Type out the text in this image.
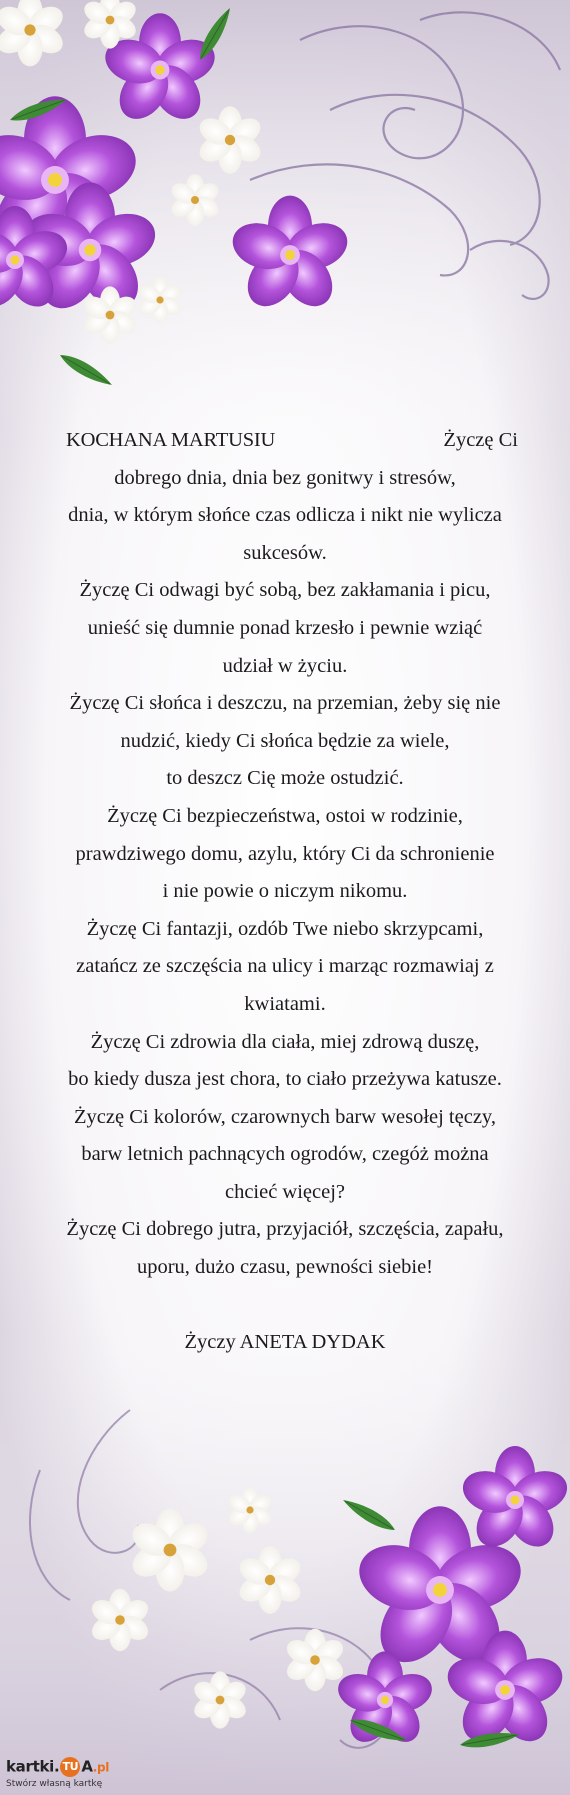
KOCHANA MARTUSIU	Życzę Ci
dobrego dnia, dnia bez gonitwy i stresów,
dnia, w którym słońce czas odlicza i nikt nie wylicza
sukcesów.
Życzę Ci odwagi być sobą, bez zakłamania i picu,
unieść się dumnie ponad krzesło i pewnie wziąć
udział w życiu.
Życzę Ci słońca i deszczu, na przemian, żeby się nie
nudzić, kiedy Ci słońca będzie za wiele,
to deszcz Cię może ostudzić.
Życzę Ci bezpieczeństwa, ostoi w rodzinie,
prawdziwego domu, azylu, który Ci da schronienie
i nie powie o niczym nikomu.
Życzę Ci fantazji, ozdób Twe niebo skrzypcami,
zatańcz ze szczęścia na ulicy i marząc rozmawiaj z
kwiatami.
Życzę Ci zdrowia dla ciała, miej zdrową duszę,
bo kiedy dusza jest chora, to ciało przeżywa katusze.
Życzę Ci kolorów, czarownych barw wesołej tęczy,
barw letnich pachnących ogrodów, czegóż można
chcieć więcej?
Życzę Ci dobrego jutra, przyjaciół, szczęścia, zapału,
uporu, dużo czasu, pewności siebie!
Życzy ANETA DYDAK
kartki. TU A.pl
Stwórz własną kartkę
